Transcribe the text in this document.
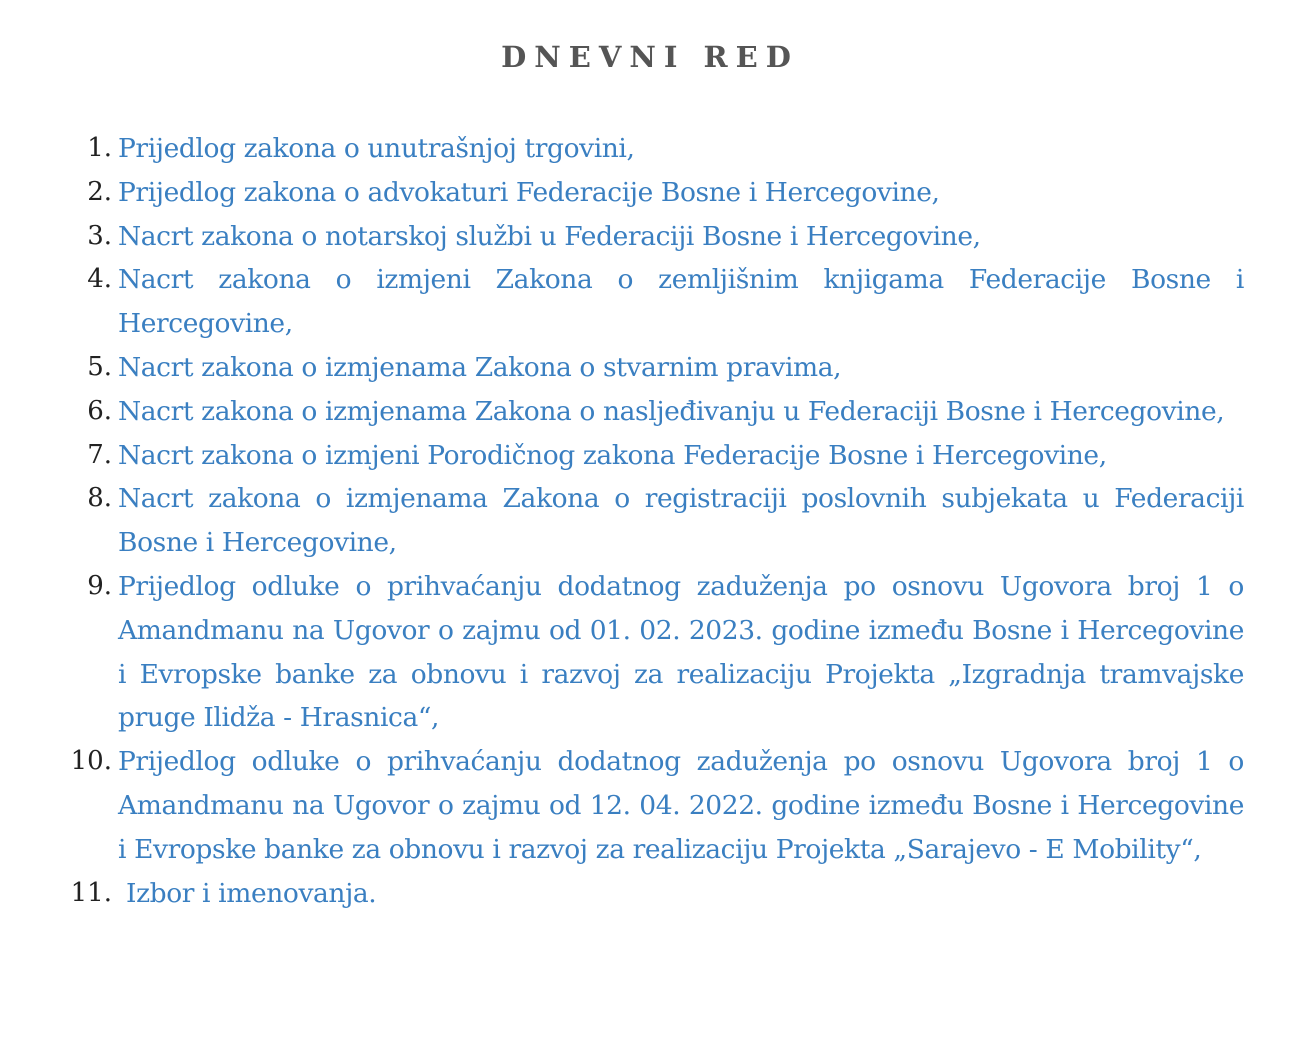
DNEVNI RED
1. Prijedlog zakona o unutrašnjoj trgovini,
2. Prijedlog zakona o advokaturi Federacije Bosne i Hercegovine,
3. Nacrt zakona o notarskoj službi u Federaciji Bosne i Hercegovine,
4. Nacrt zakona o izmjeni Zakona o zemljišnim knjigama Federacije Bosne i Hercegovine,
5. Nacrt zakona o izmjenama Zakona o stvarnim pravima,
6. Nacrt zakona o izmjenama Zakona o nasljeđivanju u Federaciji Bosne i Hercegovine,
7. Nacrt zakona o izmjeni Porodičnog zakona Federacije Bosne i Hercegovine,
8. Nacrt zakona o izmjenama Zakona o registraciji poslovnih subjekata u Federaciji Bosne i Hercegovine,
9. Prijedlog odluke o prihvaćanju dodatnog zaduženja po osnovu Ugovora broj 1 o Amandmanu na Ugovor o zajmu od 01. 02. 2023. godine između Bosne i Hercegovine i Evropske banke za obnovu i razvoj za realizaciju Projekta „Izgradnja tramvajske pruge Ilidža - Hrasnica“,
10. Prijedlog odluke o prihvaćanju dodatnog zaduženja po osnovu Ugovora broj 1 o Amandmanu na Ugovor o zajmu od 12. 04. 2022. godine između Bosne i Hercegovine i Evropske banke za obnovu i razvoj za realizaciju Projekta „Sarajevo - E Mobility“,
11. Izbor i imenovanja.
